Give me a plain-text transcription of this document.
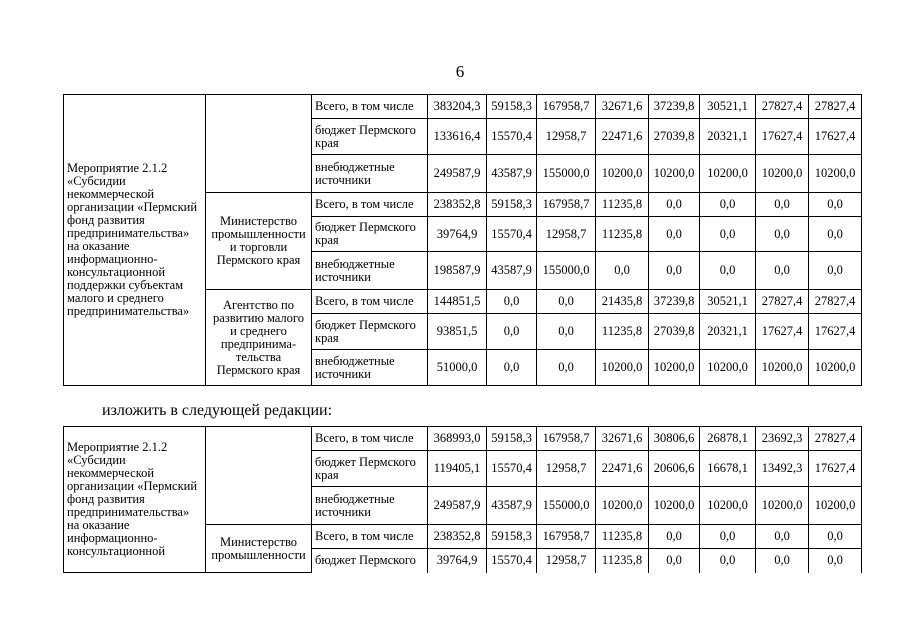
6
Мероприятие 2.1.2 «Субсидии некоммерческой организации «Пермский фонд развития предпринимательства» на оказание информационно-консультационной поддержки субъектам малого и среднего предпринимательства»		Всего, в том числе	383204,3	59158,3	167958,7	32671,6	37239,8	30521,1	27827,4	27827,4
		бюджет Пермского края	133616,4	15570,4	12958,7	22471,6	27039,8	20321,1	17627,4	17627,4
		внебюджетные источники	249587,9	43587,9	155000,0	10200,0	10200,0	10200,0	10200,0	10200,0
	Министерство промышленности и торговли Пермского края	Всего, в том числе	238352,8	59158,3	167958,7	11235,8	0,0	0,0	0,0	0,0
		бюджет Пермского края	39764,9	15570,4	12958,7	11235,8	0,0	0,0	0,0	0,0
		внебюджетные источники	198587,9	43587,9	155000,0	0,0	0,0	0,0	0,0	0,0
	Агентство по развитию малого и среднего предпринима-тельства Пермского края	Всего, в том числе	144851,5	0,0	0,0	21435,8	37239,8	30521,1	27827,4	27827,4
		бюджет Пермского края	93851,5	0,0	0,0	11235,8	27039,8	20321,1	17627,4	17627,4
		внебюджетные источники	51000,0	0,0	0,0	10200,0	10200,0	10200,0	10200,0	10200,0
изложить в следующей редакции:
Мероприятие 2.1.2 «Субсидии некоммерческой организации «Пермский фонд развития предпринимательства» на оказание информационно-консультационной		Всего, в том числе	368993,0	59158,3	167958,7	32671,6	30806,6	26878,1	23692,3	27827,4
		бюджет Пермского края	119405,1	15570,4	12958,7	22471,6	20606,6	16678,1	13492,3	17627,4
		внебюджетные источники	249587,9	43587,9	155000,0	10200,0	10200,0	10200,0	10200,0	10200,0
	Министерство промышленности	Всего, в том числе	238352,8	59158,3	167958,7	11235,8	0,0	0,0	0,0	0,0
		бюджет Пермского	39764,9	15570,4	12958,7	11235,8	0,0	0,0	0,0	0,0
